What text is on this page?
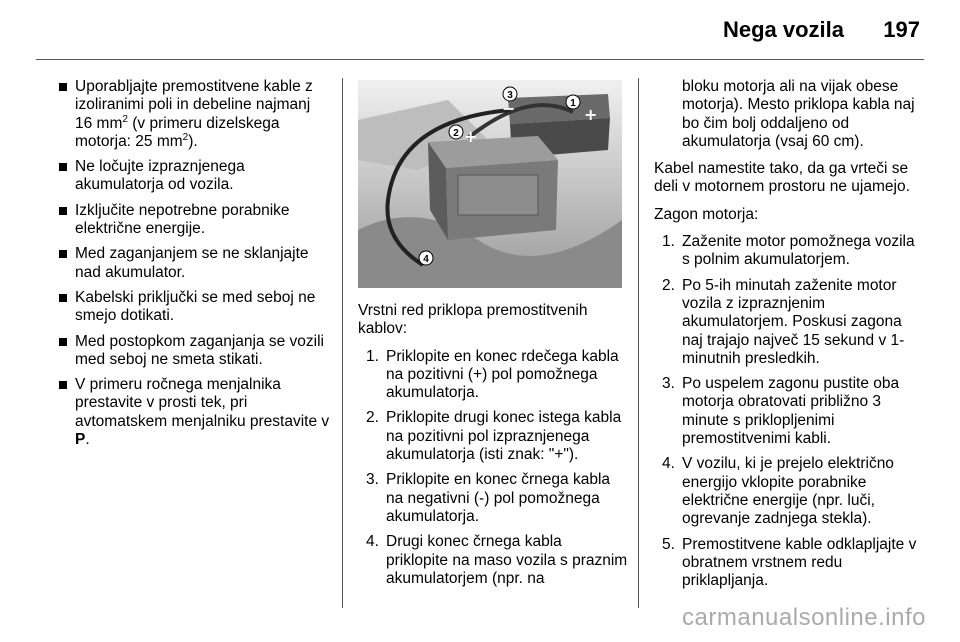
Nega vozila 197
Uporabljajte premostitvene kable z izoliranimi poli in debeline najmanj 16 $mm^2$ (v primeru dizelskega motorja: 25 $mm^2$).
Ne ločujte izpraznjenega akumulatorja od vozila.
Izključite nepotrebne porabnike električne energije.
Med zaganjanjem se ne sklanjajte nad akumulator.
Kabelski priključki se med seboj ne smejo dotikati.
Med postopkom zaganjanja se vozili med seboj ne smeta stikati.
V primeru ročnega menjalnika prestavite v prosti tek, pri avtomatskem menjalniku prestavite v P.
1
2
3
4
+
+
−

Vrstni red priklopa premostitvenih kablov:

1. Priklopite en konec rdečega kabla na pozitivni (+) pol pomožnega akumulatorja.
2. Priklopite drugi konec istega kabla na pozitivni pol izpraznjenega akumulatorja (isti znak: "+").
3. Priklopite en konec črnega kabla na negativni (-) pol pomožnega akumulatorja.
4. Drugi konec črnega kabla priklopite na maso vozila s praznim akumulatorjem (npr. na

bloku motorja ali na vijak obese motorja). Mesto priklopa kabla naj bo čim bolj oddaljeno od akumulatorja (vsaj 60 cm).

Kabel namestite tako, da ga vrteči se deli v motornem prostoru ne ujamejo.

Zagon motorja:

1. Zaženite motor pomožnega vozila s polnim akumulatorjem.
2. Po 5-ih minutah zaženite motor vozila z izpraznjenim akumulatorjem. Poskusi zagona naj trajajo največ 15 sekund v 1-minutnih presledkih.
3. Po uspelem zagonu pustite oba motorja obratovati približno 3 minute s priklopljenimi premostitvenimi kabli.
4. V vozilu, ki je prejelo električno energijo vklopite porabnike električne energije (npr. luči, ogrevanje zadnjega stekla).
5. Premostitvene kable odklapljajte v obratnem vrstnem redu priklapljanja.
carmanualsonline.info
